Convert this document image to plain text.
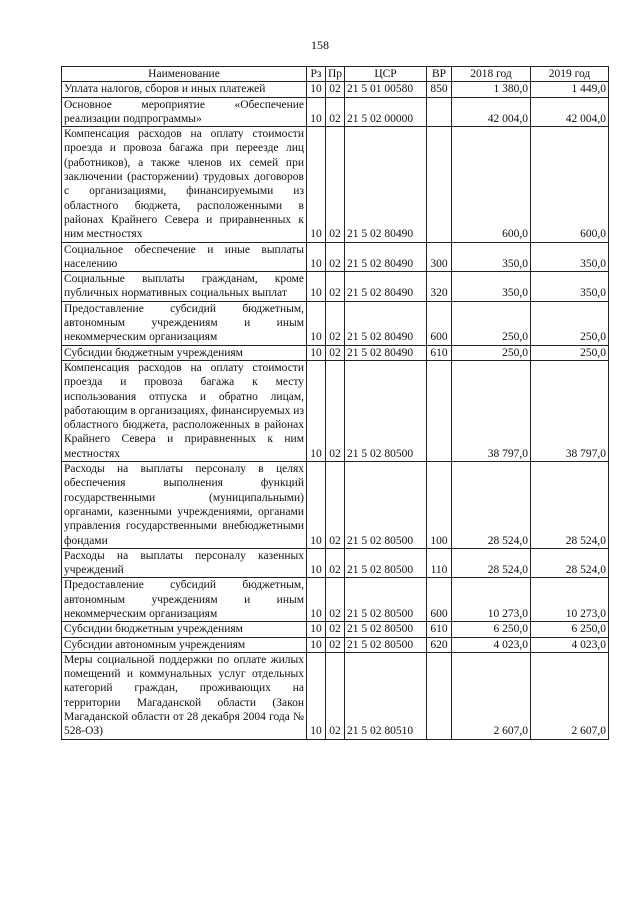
158
Наименование	Рз	Пр	ЦСР	ВР	2018 год	2019 год
Уплата налогов, сборов и иных платежей	10	02	21 5 01 00580	850	1 380,0	1 449,0
Основное мероприятие «Обеспечение реализации подпрограммы»	10	02	21 5 02 00000		42 004,0	42 004,0
Компенсация расходов на оплату стоимости проезда и провоза багажа при переезде лиц (работников), а также членов их семей при заключении (расторжении) трудовых договоров с организациями, финансируемыми из областного бюджета, расположенными в районах Крайнего Севера и приравненных к ним местностях	10	02	21 5 02 80490		600,0	600,0
Социальное обеспечение и иные выплаты населению	10	02	21 5 02 80490	300	350,0	350,0
Социальные выплаты гражданам, кроме публичных нормативных социальных выплат	10	02	21 5 02 80490	320	350,0	350,0
Предоставление субсидий бюджетным, автономным учреждениям и иным некоммерческим организациям	10	02	21 5 02 80490	600	250,0	250,0
Субсидии бюджетным учреждениям	10	02	21 5 02 80490	610	250,0	250,0
Компенсация расходов на оплату стоимости проезда и провоза багажа к месту использования отпуска и обратно лицам, работающим в организациях, финансируемых из областного бюджета, расположенных в районах Крайнего Севера и приравненных к ним местностях	10	02	21 5 02 80500		38 797,0	38 797,0
Расходы на выплаты персоналу в целях обеспечения выполнения функций государственными (муниципальными) органами, казенными учреждениями, органами управления государственными внебюджетными фондами	10	02	21 5 02 80500	100	28 524,0	28 524,0
Расходы на выплаты персоналу казенных учреждений	10	02	21 5 02 80500	110	28 524,0	28 524,0
Предоставление субсидий бюджетным, автономным учреждениям и иным некоммерческим организациям	10	02	21 5 02 80500	600	10 273,0	10 273,0
Субсидии бюджетным учреждениям	10	02	21 5 02 80500	610	6 250,0	6 250,0
Субсидии автономным учреждениям	10	02	21 5 02 80500	620	4 023,0	4 023,0
Меры социальной поддержки по оплате жилых помещений и коммунальных услуг отдельных категорий граждан, проживающих на территории Магаданской области (Закон Магаданской области от 28 декабря 2004 года № 528-ОЗ)	10	02	21 5 02 80510		2 607,0	2 607,0
